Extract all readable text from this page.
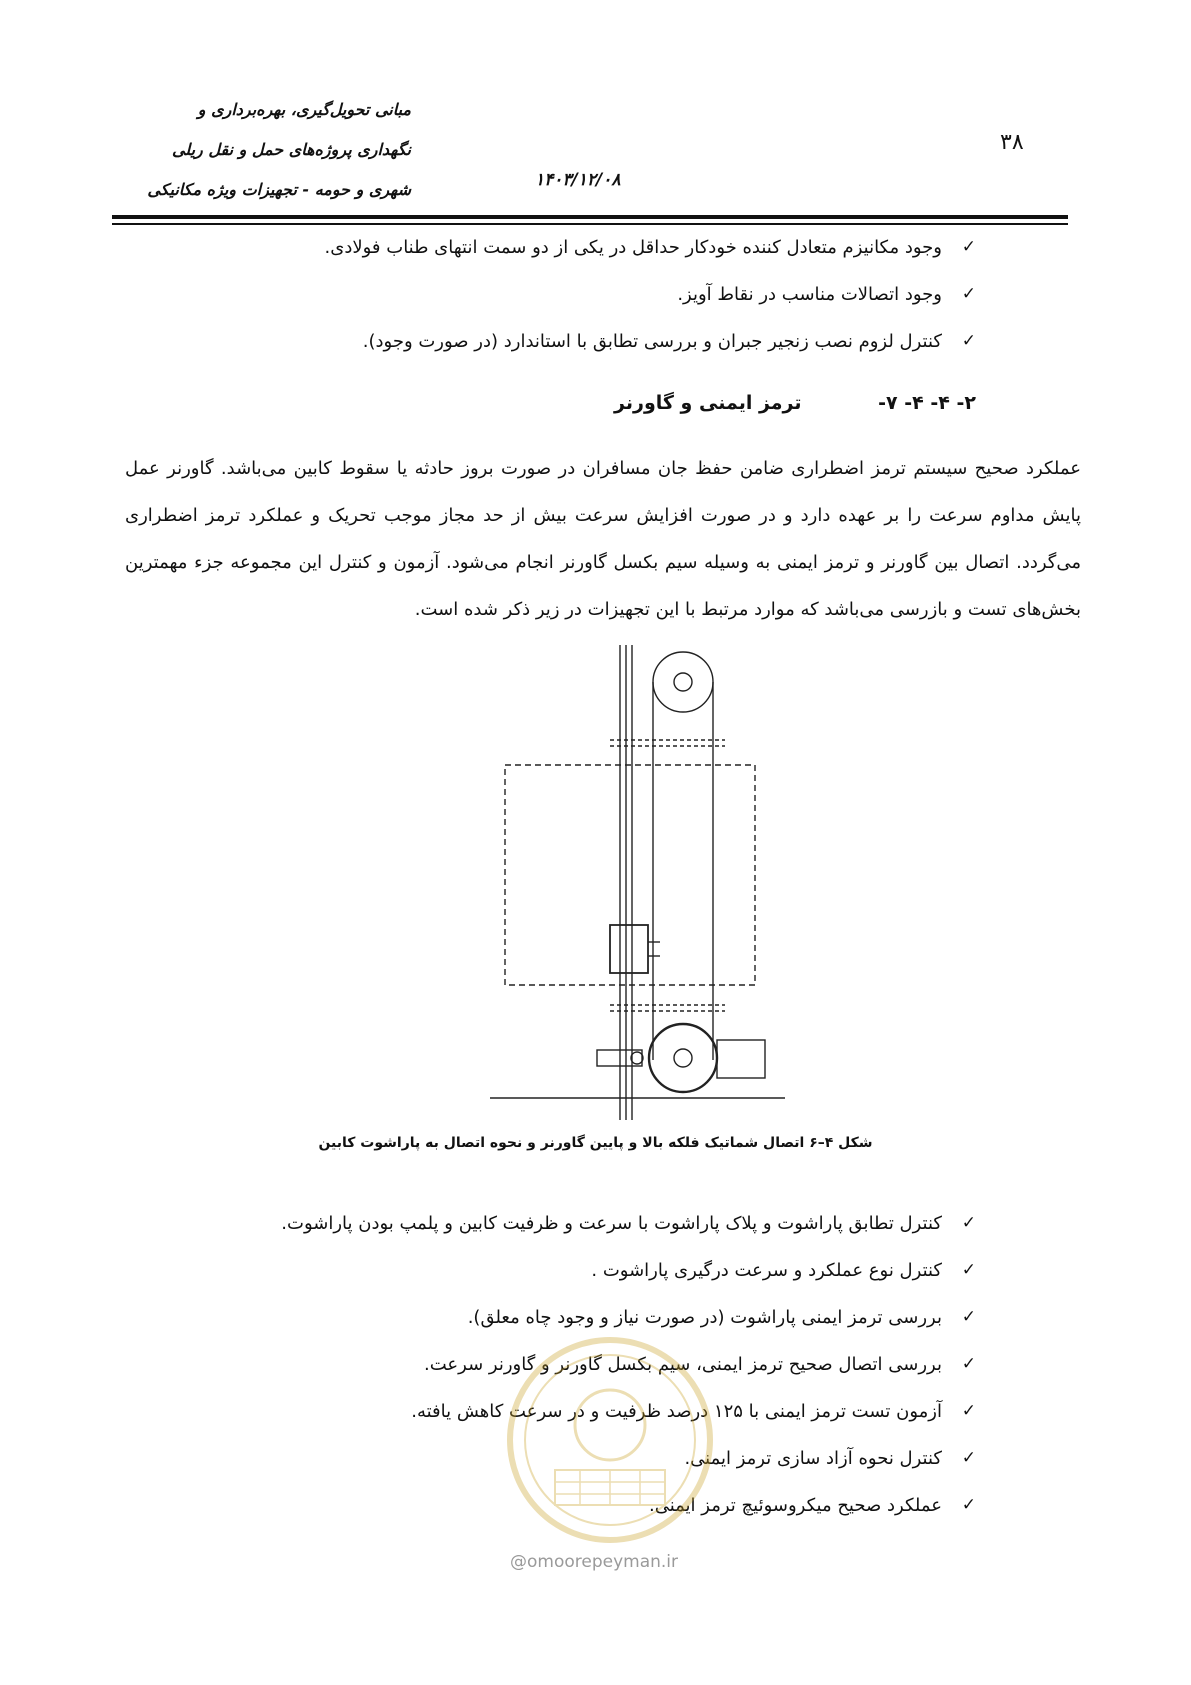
۳۸
مبانی تحویل‌گیری، بهره‌برداری و
نگهداری پروژه‌های حمل و نقل ریلی
شهری و حومه - تجهیزات ویژه مکانیکی	۱۴۰۳/۱۲/۰۸
✓
وجود مکانیزم متعادل کننده خودکار حداقل در یکی از دو سمت انتهای طناب فولادی.
✓
وجود اتصالات مناسب در نقاط آویز.
✓
کنترل لزوم نصب زنجیر جبران و بررسی تطابق با استاندارد (در صورت وجود).
۲- ۴- ۴- ۷- ترمز ایمنی و گاورنر
عملکرد صحیح سیستم ترمز اضطراری ضامن حفظ جان مسافران در صورت بروز حادثه یا سقوط کابین می‌باشد. گاورنر عمل پایش مداوم سرعت را بر عهده دارد و در صورت افزایش سرعت بیش از حد مجاز موجب تحریک و عملکرد ترمز اضطراری می‌گردد. اتصال بین گاورنر و ترمز ایمنی به وسیله سیم بکسل گاورنر انجام می‌شود. آزمون و کنترل این مجموعه جزء مهمترین بخش‌های تست و بازرسی می‌باشد که موارد مرتبط با این تجهیزات در زیر ذکر شده است.
شکل ۴–۶ اتصال شماتیک فلکه بالا و پایین گاورنر و نحوه اتصال به پاراشوت کابین
✓
کنترل تطابق پاراشوت و پلاک پاراشوت با سرعت و ظرفیت کابین و پلمپ بودن پاراشوت.
✓
کنترل نوع عملکرد و سرعت درگیری پاراشوت .
✓
بررسی ترمز ایمنی پاراشوت (در صورت نیاز و وجود چاه معلق).
✓
بررسی اتصال صحیح ترمز ایمنی، سیم بکسل گاورنر و گاورنر سرعت.
✓
آزمون تست ترمز ایمنی با ۱۲۵ درصد ظرفیت و در سرعت کاهش یافته.
✓
کنترل نحوه آزاد سازی ترمز ایمنی.
✓
عملکرد صحیح میکروسوئیچ ترمز ایمنی.
@omoorepeyman.ir
